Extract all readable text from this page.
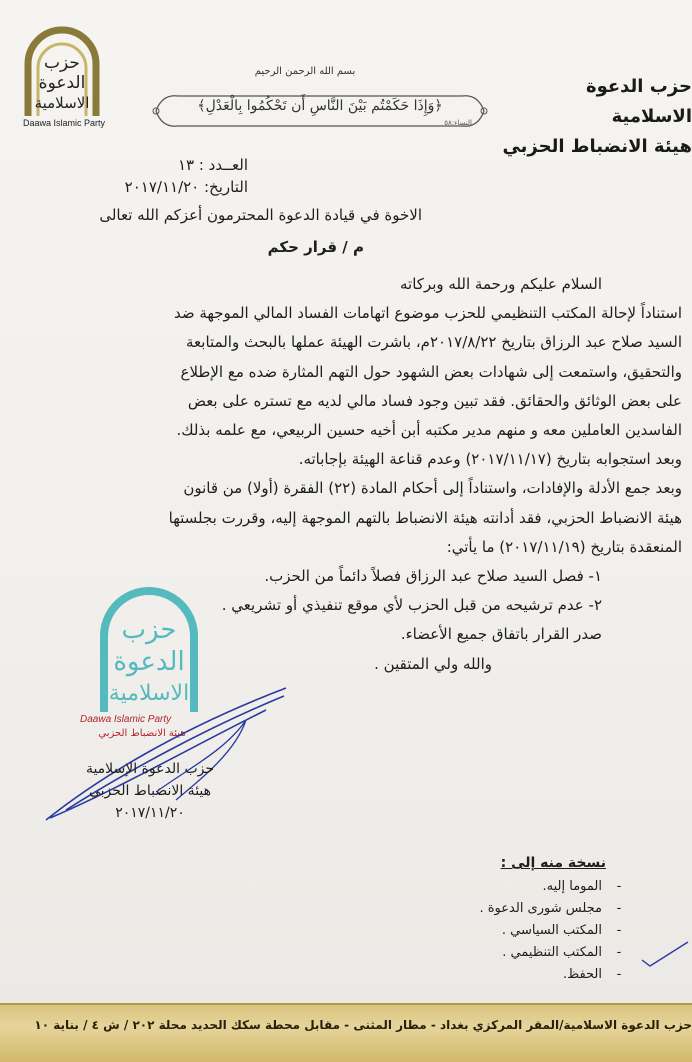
حزب
الدعوة
الاسلامية
Daawa Islamic Party
بسم الله الرحمن الرحيم
﴿وَإِذَا حَكَمْتُم بَيْنَ النَّاسِ أَن تَحْكُمُوا بِالْعَدْلِ﴾
النساء:٥٨
حزب الدعوة الاسلامية
هيئة الانضباط الحزبي
العــدد : ١٣
التاريخ: ٢٠١٧/١١/٢٠
الاخوة في قيادة الدعوة المحترمون أعزكم الله تعالى
م / قرار حكم

السلام عليكم ورحمة الله وبركاته

استناداً لإحالة المكتب التنظيمي للحزب موضوع اتهامات الفساد المالي الموجهة ضد

السيد صلاح عبد الرزاق بتاريخ ٢٠١٧/٨/٢٢م، باشرت الهيئة عملها بالبحث والمتابعة

والتحقيق، واستمعت إلى شهادات بعض الشهود حول التهم المثارة ضده مع الإطلاع

على بعض الوثائق والحقائق. فقد تبين وجود فساد مالي لديه مع تستره على بعض

الفاسدين العاملين معه و منهم مدير مكتبه أبن أخيه حسين الربيعي، مع علمه بذلك.

وبعد استجوابه بتاريخ (٢٠١٧/١١/١٧) وعدم قناعة الهيئة بإجاباته.

وبعد جمع الأدلة والإفادات، واستناداً إلى أحكام المادة (٢٢) الفقرة (أولا) من قانون

هيئة الانضباط الحزبي، فقد أدانته هيئة الانضباط بالتهم الموجهة إليه، وقررت بجلستها

المنعقدة بتاريخ (٢٠١٧/١١/١٩) ما يأتي:

١- فصل السيد صلاح عبد الرزاق فصلاً دائماً من الحزب.

٢- عدم ترشيحه من قبل الحزب لأي موقع تنفيذي أو تشريعي .

صدر القرار باتفاق جميع الأعضاء.

والله ولي المتقين .

حزب
الدعوة
الاسلامية
Daawa Islamic Party
هيئة الانضباط الحزبي
حزب الدعوة الإسلامية
هيئة الانضباط الحزبي
٢٠١٧/١١/٢٠
نسخة منه إلى :
-
الموما إليه.
-
مجلس شورى الدعوة .
-
المكتب السياسي .
-
المكتب التنظيمي .
-
الحفظ.
حزب الدعوة الاسلامية/المقر المركزي بغداد - مطار المثنى - مقابل محطة سكك الحديد محلة ٢٠٢ / ش ٤ / بناية ١٠
